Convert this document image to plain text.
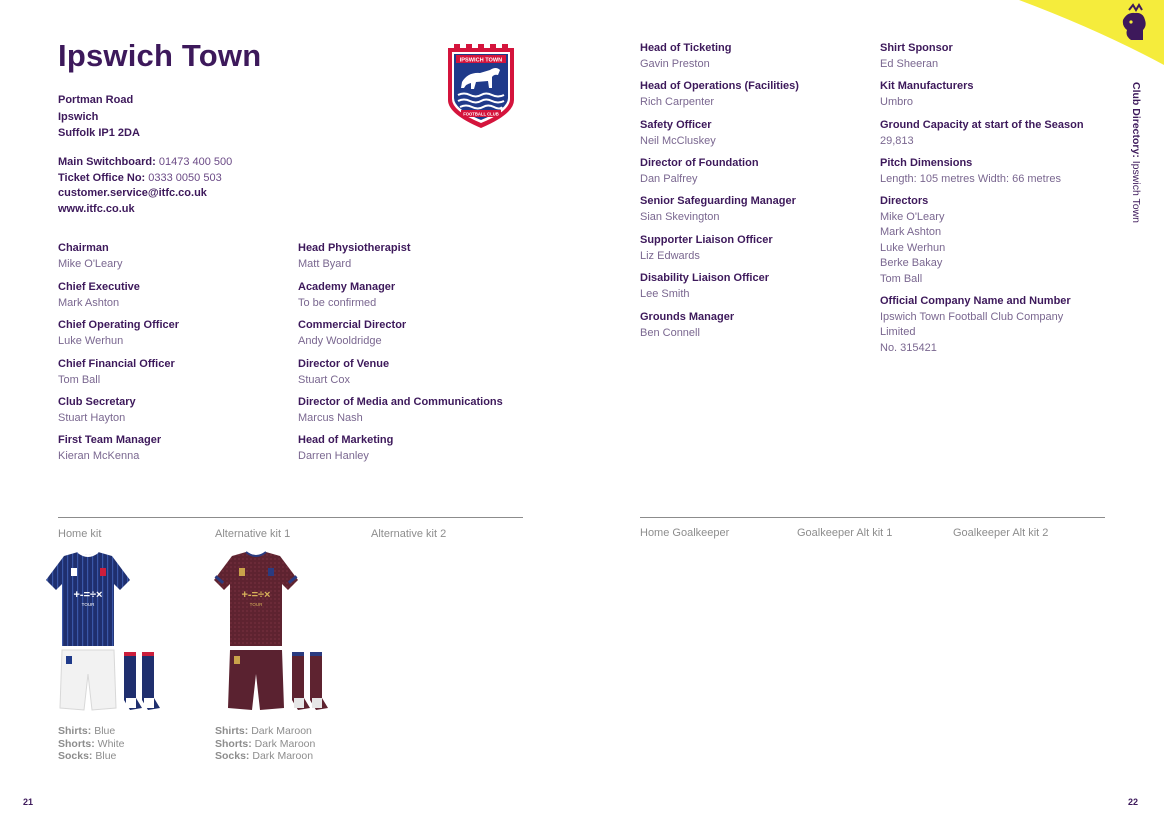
Ipswich Town
Portman Road
Ipswich
Suffolk IP1 2DA
Main Switchboard: 01473 400 500
Ticket Office No: 0333 0050 503
customer.service@itfc.co.uk
www.itfc.co.uk
IPSWICH TOWN
FOOTBALL CLUB
Chairman
Mike O'Leary
Chief Executive
Mark Ashton
Chief Operating Officer
Luke Werhun
Chief Financial Officer
Tom Ball
Club Secretary
Stuart Hayton
First Team Manager
Kieran McKenna
Head Physiotherapist
Matt Byard
Academy Manager
To be confirmed
Commercial Director
Andy Wooldridge
Director of Venue
Stuart Cox
Director of Media and Communications
Marcus Nash
Head of Marketing
Darren Hanley
Head of Ticketing
Gavin Preston
Head of Operations (Facilities)
Rich Carpenter
Safety Officer
Neil McCluskey
Director of Foundation
Dan Palfrey
Senior Safeguarding Manager
Sian Skevington
Supporter Liaison Officer
Liz Edwards
Disability Liaison Officer
Lee Smith
Grounds Manager
Ben Connell
Shirt Sponsor
Ed Sheeran
Kit Manufacturers
Umbro
Ground Capacity at start of the Season
29,813
Pitch Dimensions
Length: 105 metres Width: 66 metres
Directors
Mike O'Leary
Mark Ashton
Luke Werhun
Berke Bakay
Tom Ball
Official Company Name and Number
Ipswich Town Football Club Company
Limited
No. 315421
Home kit	Alternative kit 1	Alternative kit 2	Home Goalkeeper	Goalkeeper Alt kit 1	Goalkeeper Alt kit 2
+-=÷×
TOUR
+-=÷×
TOUR
Shirts: Blue
Shorts: White
Socks: Blue
Shirts: Dark Maroon
Shorts: Dark Maroon
Socks: Dark Maroon
21	22
Club Directory: Ipswich Town
